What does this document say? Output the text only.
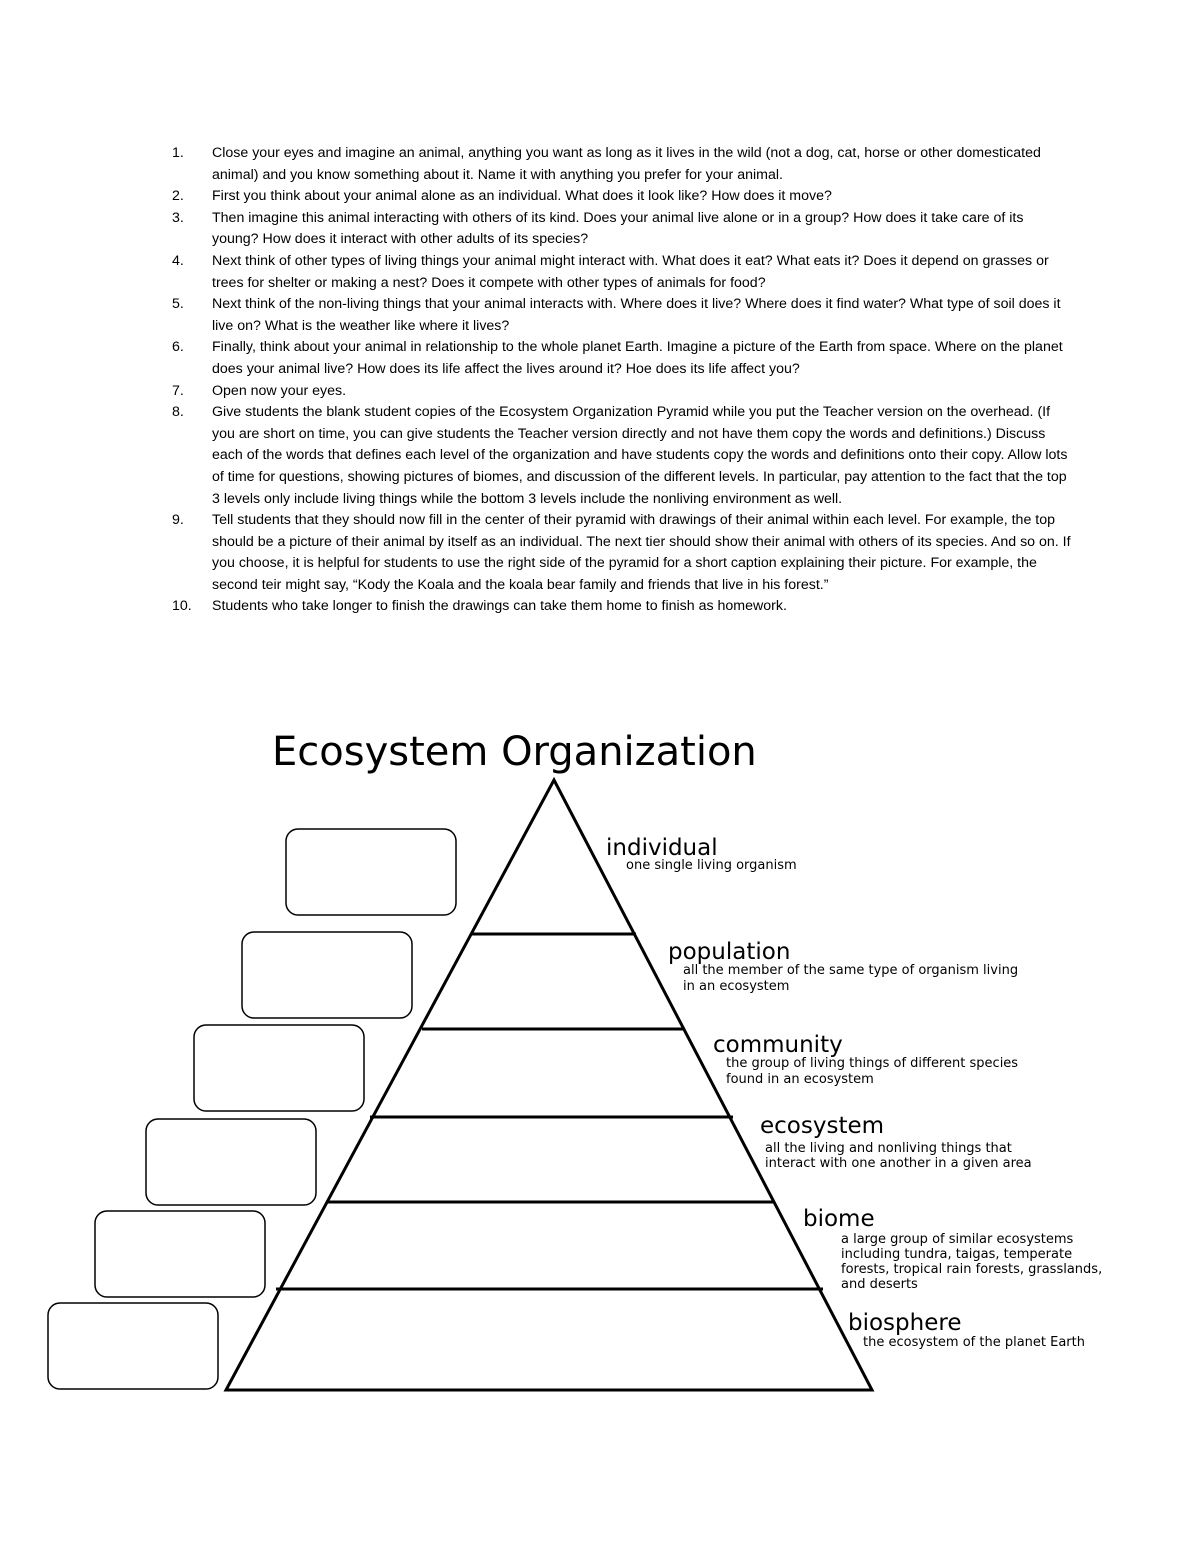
1.	Close your eyes and imagine an animal, anything you want as long as it lives in the wild (not a dog, cat, horse or other domesticated animal) and you know something about it. Name it with anything you prefer for your animal.
2.	First you think about your animal alone as an individual. What does it look like? How does it move?
3.	Then imagine this animal interacting with others of its kind. Does your animal live alone or in a group? How does it take care of its young? How does it interact with other adults of its species?
4.	Next think of other types of living things your animal might interact with. What does it eat? What eats it? Does it depend on grasses or trees for shelter or making a nest? Does it compete with other types of animals for food?
5.	Next think of the non-living things that your animal interacts with. Where does it live? Where does it find water? What type of soil does it live on? What is the weather like where it lives?
6.	Finally, think about your animal in relationship to the whole planet Earth. Imagine a picture of the Earth from space. Where on the planet does your animal live? How does its life affect the lives around it? Hoe does its life affect you?
7.	Open now your eyes.
8.	Give students the blank student copies of the Ecosystem Organization Pyramid while you put the Teacher version on the overhead. (If you are short on time, you can give students the Teacher version directly and not have them copy the words and definitions.) Discuss each of the words that defines each level of the organization and have students copy the words and definitions onto their copy. Allow lots of time for questions, showing pictures of biomes, and discussion of the different levels. In particular, pay attention to the fact that the top 3 levels only include living things while the bottom 3 levels include the nonliving environment as well.
9.	Tell students that they should now fill in the center of their pyramid with drawings of their animal within each level. For example, the top should be a picture of their animal by itself as an individual. The next tier should show their animal with others of its species. And so on. If you choose, it is helpful for students to use the right side of the pyramid for a short caption explaining their picture. For example, the second teir might say, “Kody the Koala and the koala bear family and friends that live in his forest.”
10.	Students who take longer to finish the drawings can take them home to finish as homework.
Ecosystem Organization
individual
one single living organism
population
all the member of the same type of organism living
in an ecosystem
community
the group of living things of different species
found in an ecosystem
ecosystem
all the living and nonliving things that
interact with one another in a given area
biome
a large group of similar ecosystems
including tundra, taigas, temperate
forests, tropical rain forests, grasslands,
and deserts
biosphere
the ecosystem of the planet Earth
